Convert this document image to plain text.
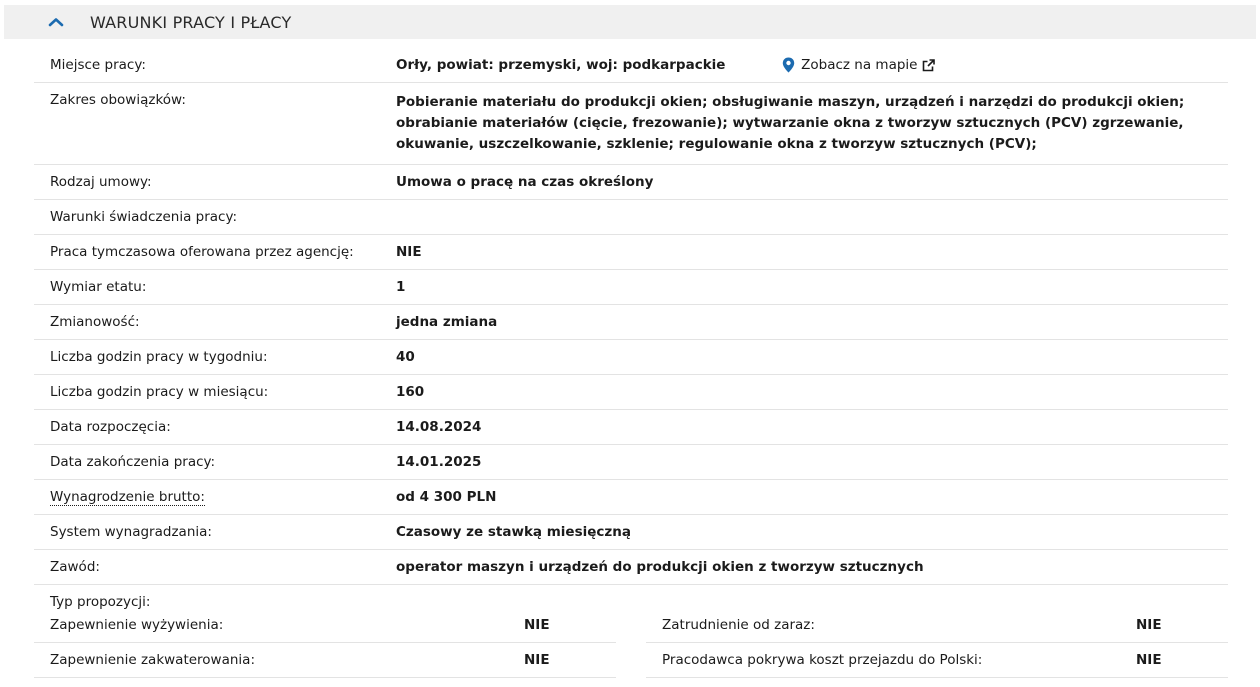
WARUNKI PRACY I PŁACY
Miejsce pracy:	Orły, powiat: przemyski, woj: podkarpackie	Zobacz na mapie
Zakres obowiązków:	Pobieranie materiału do produkcji okien; obsługiwanie maszyn, urządzeń i narzędzi do produkcji okien; obrabianie materiałów (cięcie, frezowanie); wytwarzanie okna z tworzyw sztucznych (PCV) zgrzewanie, okuwanie, uszczelkowanie, szklenie; regulowanie okna z tworzyw sztucznych (PCV);
Rodzaj umowy:	Umowa o pracę na czas określony
Warunki świadczenia pracy:
Praca tymczasowa oferowana przez agencję:	NIE
Wymiar etatu:	1
Zmianowość:	jedna zmiana
Liczba godzin pracy w tygodniu:	40
Liczba godzin pracy w miesiącu:	160
Data rozpoczęcia:	14.08.2024
Data zakończenia pracy:	14.01.2025
Wynagrodzenie brutto:	od 4 300 PLN
System wynagradzania:	Czasowy ze stawką miesięczną
Zawód:	operator maszyn i urządzeń do produkcji okien z tworzyw sztucznych
Typ propozycji:
Zapewnienie wyżywienia:	NIE
Zapewnienie zakwaterowania:	NIE
Zatrudnienie od zaraz:	NIE
Pracodawca pokrywa koszt przejazdu do Polski:	NIE
